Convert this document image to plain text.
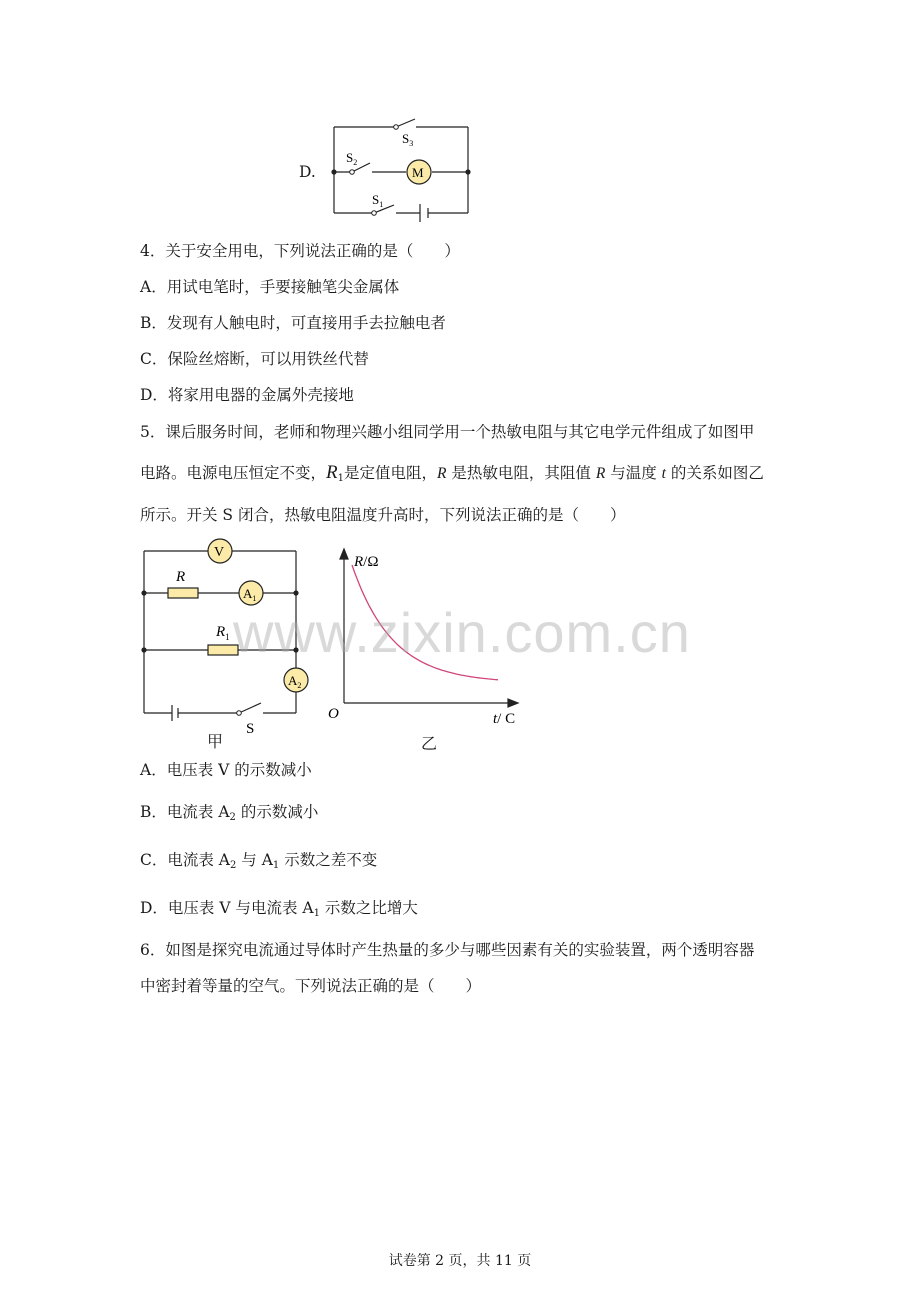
D.
$S_3$
$S_2$
$S_1$
M
4．关于安全用电，下列说法正确的是（　　）
A．用试电笔时，手要接触笔尖金属体
B．发现有人触电时，可直接用手去拉触电者
C．保险丝熔断，可以用铁丝代替
D．将家用电器的金属外壳接地
5．课后服务时间，老师和物理兴趣小组同学用一个热敏电阻与其它电学元件组成了如图甲
电路。电源电压恒定不变，$R_1$是定值电阻，R 是热敏电阻，其阻值 R 与温度 t 的关系如图乙
所示。开关 S 闭合，热敏电阻温度升高时，下列说法正确的是（　　）
V
$A_1$
$A_2$
R
$R_1$
S
甲
R/Ω
O	t/ C
乙
www.zixin.com.cn
A．电压表 V 的示数减小
B．电流表 $A_2$ 的示数减小
C．电流表 $A_2$ 与 $A_1$ 示数之差不变
D．电压表 V 与电流表 $A_1$ 示数之比增大
6．如图是探究电流通过导体时产生热量的多少与哪些因素有关的实验装置，两个透明容器
中密封着等量的空气。下列说法正确的是（　　）
试卷第 2 页，共 11 页
